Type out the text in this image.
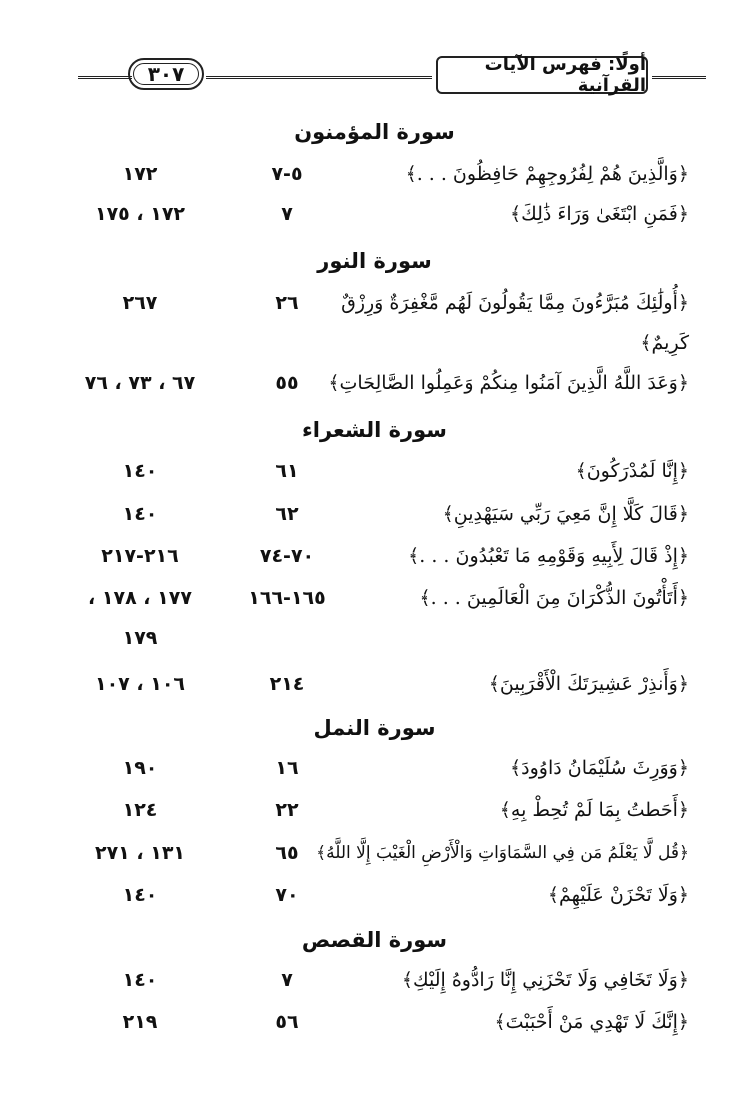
٣٠٧	أولًا: فهرس الآيات القرآنية
سورة المؤمنون
﴿وَالَّذِينَ هُمْ لِفُرُوجِهِمْ حَافِظُونَ . . .﴾
٥-٧
١٧٢
﴿فَمَنِ ابْتَغَىٰ وَرَاءَ ذَٰلِكَ﴾
٧
١٧٢ ، ١٧٥
سورة النور
﴿أُولَٰئِكَ مُبَرَّءُونَ مِمَّا يَقُولُونَ لَهُم مَّغْفِرَةٌ وَرِزْقٌ
٢٦
٢٦٧
كَرِيمٌ﴾
﴿وَعَدَ اللَّهُ الَّذِينَ آمَنُوا مِنكُمْ وَعَمِلُوا الصَّالِحَاتِ﴾
٥٥
٦٧ ، ٧٣ ، ٧٦
سورة الشعراء
﴿إِنَّا لَمُدْرَكُونَ﴾
٦١
١٤٠
﴿قَالَ كَلَّا إِنَّ مَعِيَ رَبِّي سَيَهْدِينِ﴾
٦٢
١٤٠
﴿إِذْ قَالَ لِأَبِيهِ وَقَوْمِهِ مَا تَعْبُدُونَ . . .﴾
٧٠-٧٤
٢١٦-٢١٧
﴿أَتَأْتُونَ الذُّكْرَانَ مِنَ الْعَالَمِينَ . . .﴾
١٦٥-١٦٦
١٧٧ ، ١٧٨ ،
١٧٩
﴿وَأَنذِرْ عَشِيرَتَكَ الْأَقْرَبِينَ﴾
٢١٤
١٠٦ ، ١٠٧
سورة النمل
﴿وَوَرِثَ سُلَيْمَانُ دَاوُودَ﴾
١٦
١٩٠
﴿أَحَطتُ بِمَا لَمْ تُحِطْ بِهِ﴾
٢٢
١٢٤
﴿قُل لَّا يَعْلَمُ مَن فِي السَّمَاوَاتِ وَالْأَرْضِ الْغَيْبَ إِلَّا اللَّهُ﴾
٦٥
١٣١ ، ٢٧١
﴿وَلَا تَحْزَنْ عَلَيْهِمْ﴾
٧٠
١٤٠
سورة القصص
﴿وَلَا تَخَافِي وَلَا تَحْزَنِي إِنَّا رَادُّوهُ إِلَيْكِ﴾
٧
١٤٠
﴿إِنَّكَ لَا تَهْدِي مَنْ أَحْبَبْتَ﴾
٥٦
٢١٩
